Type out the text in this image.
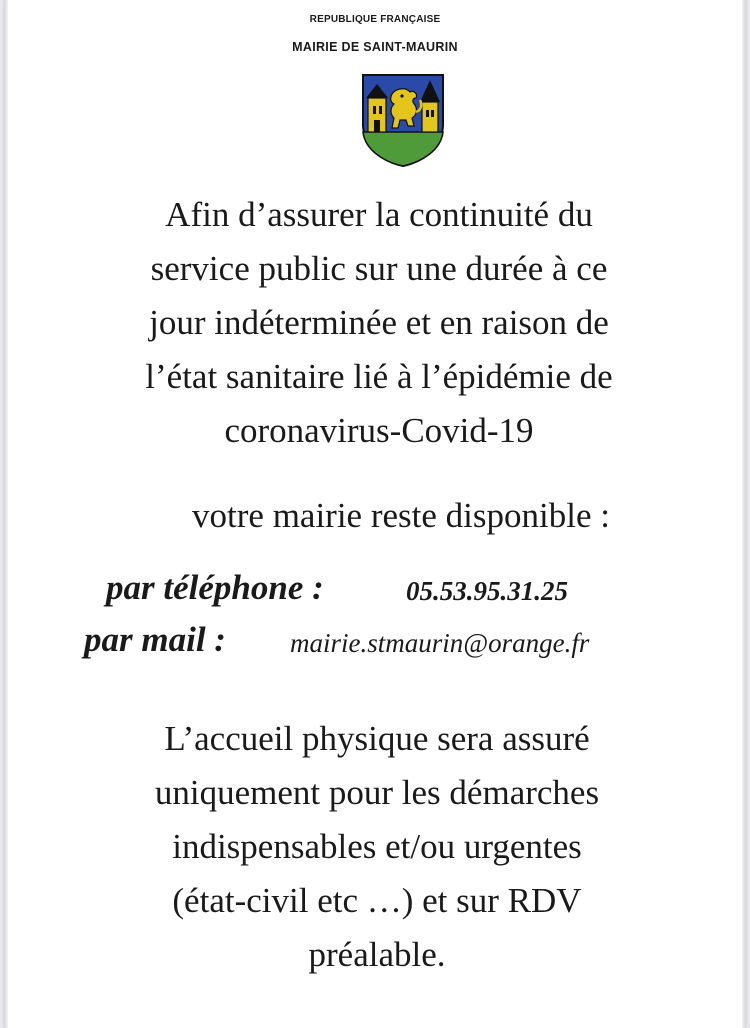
REPUBLIQUE FRANÇAISE
MAIRIE DE SAINT-MAURIN
Afin d’assurer la continuité du
service public sur une durée à ce
jour indéterminée et en raison de
l’état sanitaire lié à l’épidémie de
coronavirus-Covid-19
votre mairie reste disponible :
par téléphone :	05.53.95.31.25
par mail : mairie.stmaurin@orange.fr
L’accueil physique sera assuré
uniquement pour les démarches
indispensables et/ou urgentes
(état-civil etc …) et sur RDV
préalable.
